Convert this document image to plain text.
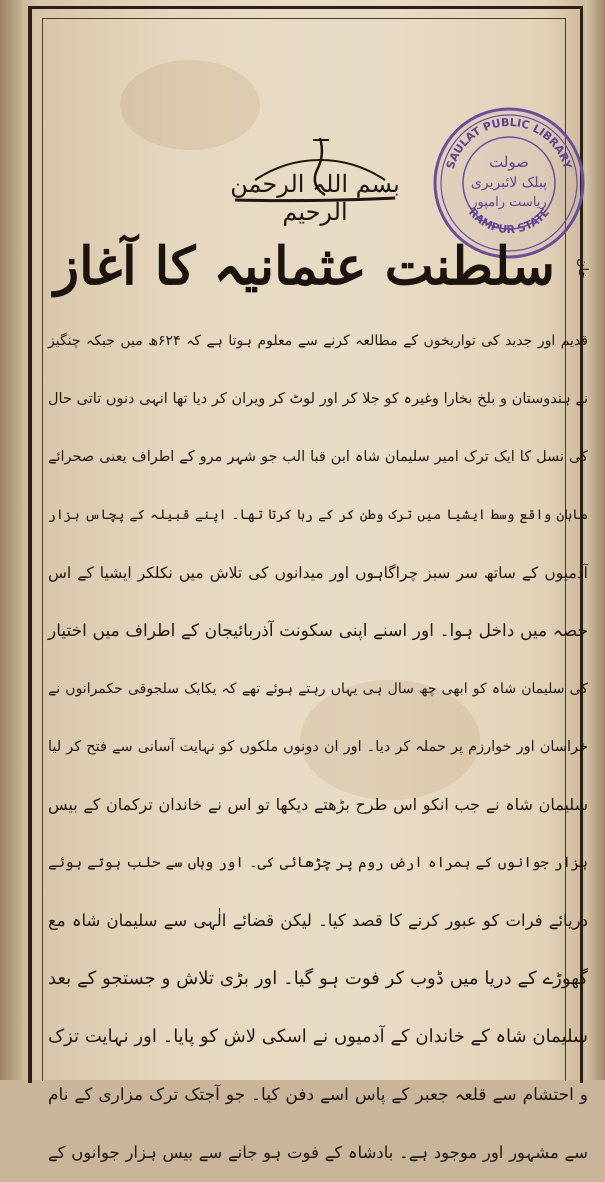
بسم اللہ الرحمن الرحیم
SAULAT PUBLIC LIBRARY
RAMPUR STATE
صولت
پبلک لائبریری
ریاست رامپور
سلطنت عثمانیہ کا آغاز	خان
قدیم اور جدید کی تواریخوں کے مطالعہ کرنے سے معلوم ہوتا ہے کہ ۶۲۴ھ میں جبکہ چنگیز
نے ہندوستان و بلخ بخارا وغیرہ کو جلا کر اور لوٹ کر ویران کر دیا تھا انہی دنوں تاتی حال
کی نسل کا ایک ترک امیر سلیمان شاہ ابن قبا الب جو شہر مرو کے اطراف یعنی صحرائے
ماہان واقع وسط ایشیا میں ترک وطن کر کے رہا کرتا تھا۔ اپنے قبیلہ کے پچاس ہزار
آدمیوں کے ساتھ سر سبز چراگاہوں اور میدانوں کی تلاش میں نکلکر ایشیا کے اس
حصہ میں داخل ہوا۔ اور اسنے اپنی سکونت آذربائیجان کے اطراف میں اختیار
کی سلیمان شاہ کو ابھی چھ سال ہی یہاں رہتے ہوئے تھے کہ یکایک سلجوقی حکمرانوں نے
خراسان اور خوارزم پر حملہ کر دیا۔ اور ان دونوں ملکوں کو نہایت آسانی سے فتح کر لیا
سلیمان شاہ نے جب انکو اس طرح بڑھتے دیکھا تو اس نے خاندان ترکمان کے بیس
ہزار جوانوں کے ہمراہ ارض روم پر چڑھائی کی۔ اور وہاں سے حلب ہوتے ہوئے
دریائے فرات کو عبور کرنے کا قصد کیا۔ لیکن قضائے الٰہی سے سلیمان شاہ مع
گھوڑے کے دریا میں ڈوب کر فوت ہو گیا۔ اور بڑی تلاش و جستجو کے بعد
سلیمان شاہ کے خاندان کے آدمیوں نے اسکی لاش کو پایا۔ اور نہایت تزک
و احتشام سے قلعہ جعبر کے پاس اسے دفن کیا۔ جو آجتک ترک مزاری کے نام
سے مشہور اور موجود ہے۔ بادشاہ کے فوت ہو جانے سے بیس ہزار جوانوں کے
